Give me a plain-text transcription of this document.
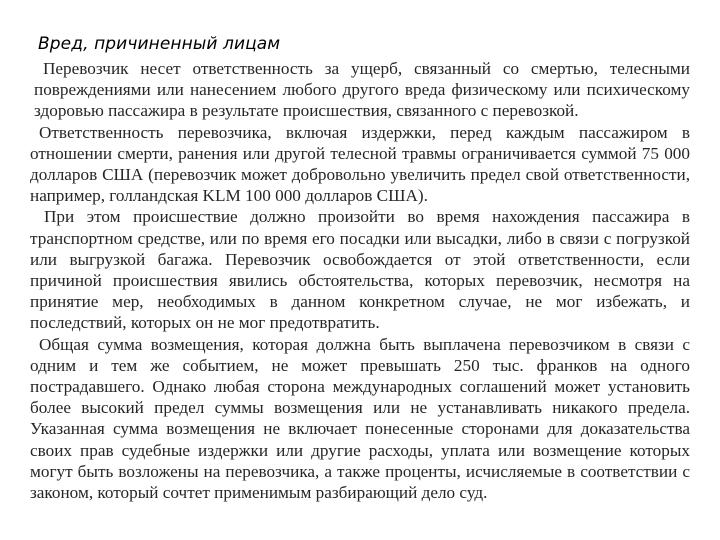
Вред, причиненный лицам

Перевозчик несет ответственность за ущерб, связанный со смертью, телесными повреждениями или нанесением любого другого вреда физическому или психическому здоровью пассажира в результате происшествия, связанного с перевозкой.

Ответственность перевозчика, включая издержки, перед каждым пассажиром в отношении смерти, ранения или другой телесной травмы ограничивается суммой 75 000 долларов США (перевозчик может добровольно увеличить предел свой ответственности, например, голландская KLM 100 000 долларов США).

При этом происшествие должно произойти во время нахождения пассажира в транспортном средстве, или по время его посадки или высадки, либо в связи с погрузкой или выгрузкой багажа. Перевозчик освобождается от этой ответственности, если причиной происшествия явились обстоятельства, которых перевозчик, несмотря на принятие мер, необходимых в данном конкретном случае, не мог избежать, и последствий, которых он не мог предотвратить.

Общая сумма возмещения, которая должна быть выплачена перевозчиком в связи с одним и тем же событием, не может превышать 250 тыс. франков на одного пострадавшего. Однако любая сторона международных соглашений может установить более высокий предел суммы возмещения или не устанавливать никакого предела. Указанная сумма возмещения не включает понесенные сторонами для доказательства своих прав судебные издержки или другие расходы, уплата или возмещение которых могут быть возложены на перевозчика, а также проценты, исчисляемые в соответствии с законом, который сочтет применимым разбирающий дело суд.
